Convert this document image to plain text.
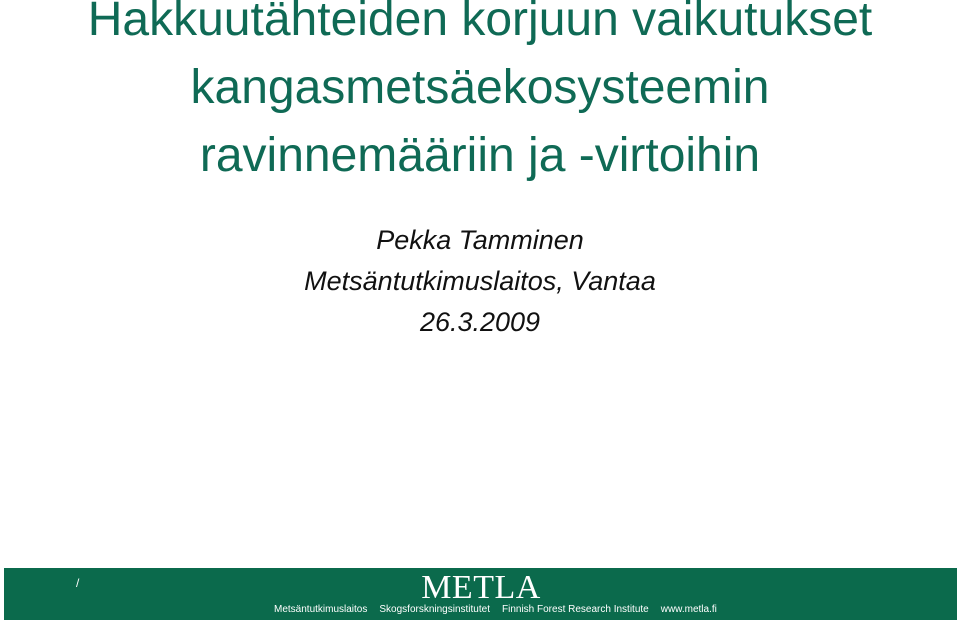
Hakkuutähteiden korjuun vaikutukset
kangasmetsäekosysteemin
ravinnemääriin ja -virtoihin
Pekka Tamminen
Metsäntutkimuslaitos, Vantaa
26.3.2009
/	METLA
Metsäntutkimuslaitos Skogsforskningsinstitutet Finnish Forest Research Institute www.metla.fi
